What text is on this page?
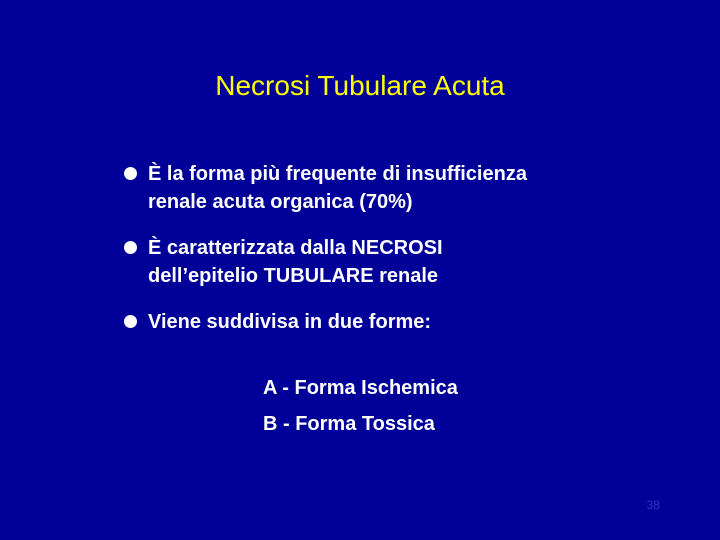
Necrosi Tubulare Acuta
È la forma più frequente di insufficienza
renale acuta organica (70%)
È caratterizzata dalla NECROSI
dell’epitelio TUBULARE renale
Viene suddivisa in due forme:
A - Forma Ischemica
B - Forma Tossica
38
